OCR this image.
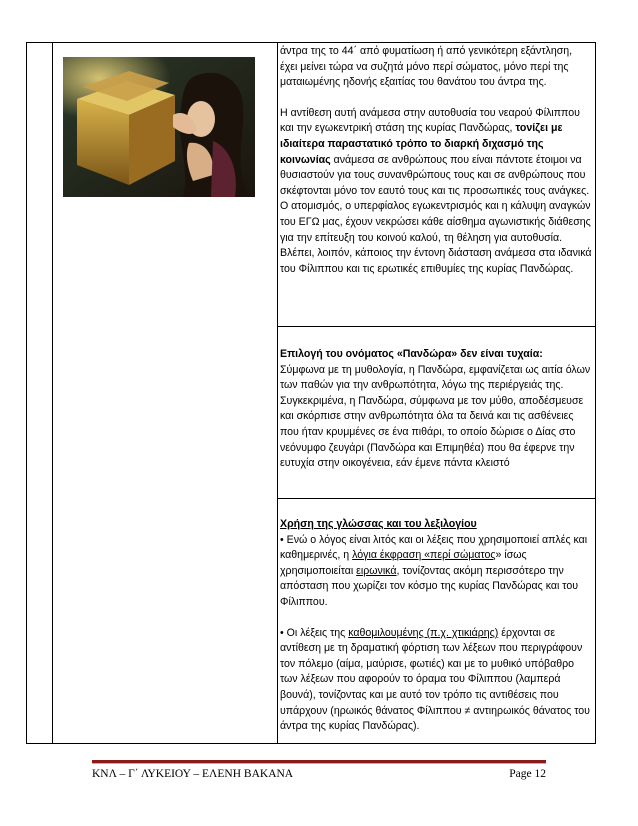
άντρα της το 44΄ από φυματίωση ή από γενικότερη εξάντληση, έχει μείνει τώρα να συζητά μόνο περί σώματος, μόνο περί της ματαιωμένης ηδονής εξαιτίας του θανάτου του άντρα της.

Η αντίθεση αυτή ανάμεσα στην αυτοθυσία του νεαρού Φίλιππου και την εγωκεντρική στάση της κυρίας Πανδώρας, τονίζει με ιδιαίτερα παραστατικό τρόπο το διαρκή διχασμό της κοινωνίας ανάμεσα σε ανθρώπους που είναι πάντοτε έτοιμοι να θυσιαστούν για τους συνανθρώπους τους και σε ανθρώπους που σκέφτονται μόνο τον εαυτό τους και τις προσωπικές τους ανάγκες. Ο ατομισμός, ο υπερφίαλος εγωκεντρισμός και η κάλυψη αναγκών του ΕΓΩ μας, έχουν νεκρώσει κάθε αίσθημα αγωνιστικής διάθεσης για την επίτευξη του κοινού καλού, τη θέληση για αυτοθυσία. Βλέπει, λοιπόν, κάποιος την έντονη διάσταση ανάμεσα στα ιδανικά του Φίλιππου και τις ερωτικές επιθυμίες της κυρίας Πανδώρας.

Επιλογή του ονόματος «Πανδώρα» δεν είναι τυχαία:

Σύμφωνα με τη μυθολογία, η Πανδώρα, εμφανίζεται ως αιτία όλων των παθών για την ανθρωπότητα, λόγω της περιέργειάς της. Συγκεκριμένα, η Πανδώρα, σύμφωνα με τον μύθο, αποδέσμευσε και σκόρπισε στην ανθρωπότητα όλα τα δεινά και τις ασθένειες που ήταν κρυμμένες σε ένα πιθάρι, το οποίο δώρισε ο Δίας στο νεόνυμφο ζευγάρι (Πανδώρα και Επιμηθέα) που θα έφερνε την ευτυχία στην οικογένεια, εάν έμενε πάντα κλειστό

Χρήση της γλώσσας και του λεξιλογίου

• Ενώ ο λόγος είναι λιτός και οι λέξεις που χρησιμοποιεί απλές και καθημερινές, η λόγια έκφραση «περί σώματος» ίσως χρησιμοποιείται ειρωνικά, τονίζοντας ακόμη περισσότερο την απόσταση που χωρίζει τον κόσμο της κυρίας Πανδώρας και του Φίλιππου.

• Οι λέξεις της καθομιλουμένης (π.χ. χτικιάρης) έρχονται σε αντίθεση με τη δραματική φόρτιση των λέξεων που περιγράφουν τον πόλεμο (αίμα, μαύρισε, φωτιές) και με το μυθικό υπόβαθρο των λέξεων που αφορούν το όραμα του Φίλιππου (λαμπερά βουνά), τονίζοντας και με αυτό τον τρόπο τις αντιθέσεις που υπάρχουν (ηρωικός θάνατος Φίλιππου ≠ αντιηρωικός θάνατος του άντρα της κυρίας Πανδώρας).

ΚΝΛ – Γ΄ ΛΥΚΕΙΟΥ – ΕΛΕΝΗ ΒΑΚΑΝΑ	Page 12
